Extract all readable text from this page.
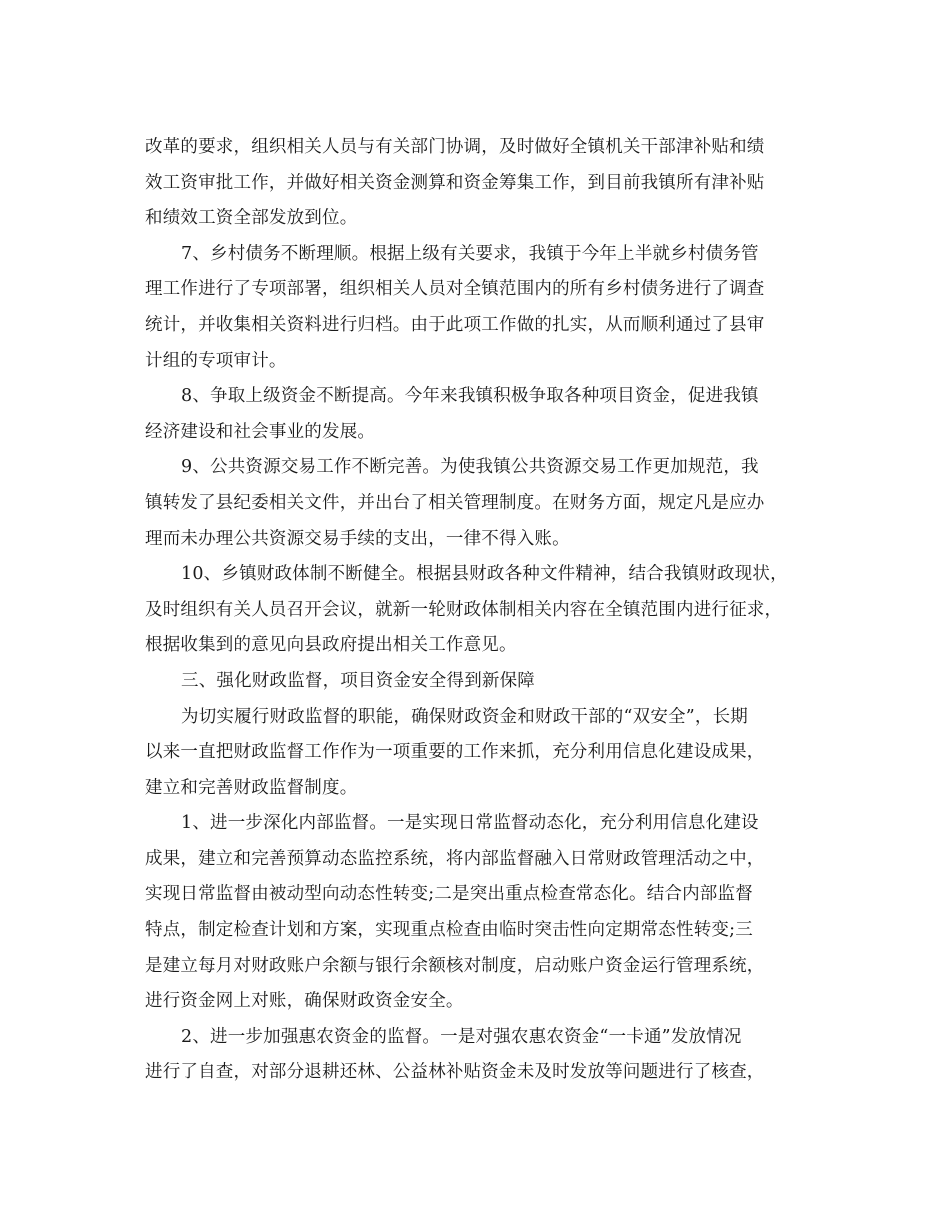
改革的要求，组织相关人员与有关部门协调，及时做好全镇机关干部津补贴和绩
效工资审批工作，并做好相关资金测算和资金筹集工作，到目前我镇所有津补贴
和绩效工资全部发放到位。
7、乡村债务不断理顺。根据上级有关要求，我镇于今年上半就乡村债务管
理工作进行了专项部署，组织相关人员对全镇范围内的所有乡村债务进行了调查
统计，并收集相关资料进行归档。由于此项工作做的扎实，从而顺利通过了县审
计组的专项审计。
8、争取上级资金不断提高。今年来我镇积极争取各种项目资金，促进我镇
经济建设和社会事业的发展。
9、公共资源交易工作不断完善。为使我镇公共资源交易工作更加规范，我
镇转发了县纪委相关文件，并出台了相关管理制度。在财务方面，规定凡是应办
理而未办理公共资源交易手续的支出，一律不得入账。
10、乡镇财政体制不断健全。根据县财政各种文件精神，结合我镇财政现状，
及时组织有关人员召开会议，就新一轮财政体制相关内容在全镇范围内进行征求，
根据收集到的意见向县政府提出相关工作意见。
三、强化财政监督，项目资金安全得到新保障
为切实履行财政监督的职能，确保财政资金和财政干部的“双安全”，长期
以来一直把财政监督工作作为一项重要的工作来抓，充分利用信息化建设成果，
建立和完善财政监督制度。
1、进一步深化内部监督。一是实现日常监督动态化，充分利用信息化建设
成果，建立和完善预算动态监控系统，将内部监督融入日常财政管理活动之中，
实现日常监督由被动型向动态性转变;二是突出重点检查常态化。结合内部监督
特点，制定检查计划和方案，实现重点检查由临时突击性向定期常态性转变;三
是建立每月对财政账户余额与银行余额核对制度，启动账户资金运行管理系统，
进行资金网上对账，确保财政资金安全。
2、进一步加强惠农资金的监督。一是对强农惠农资金“一卡通”发放情况
进行了自查，对部分退耕还林、公益林补贴资金未及时发放等问题进行了核查，
